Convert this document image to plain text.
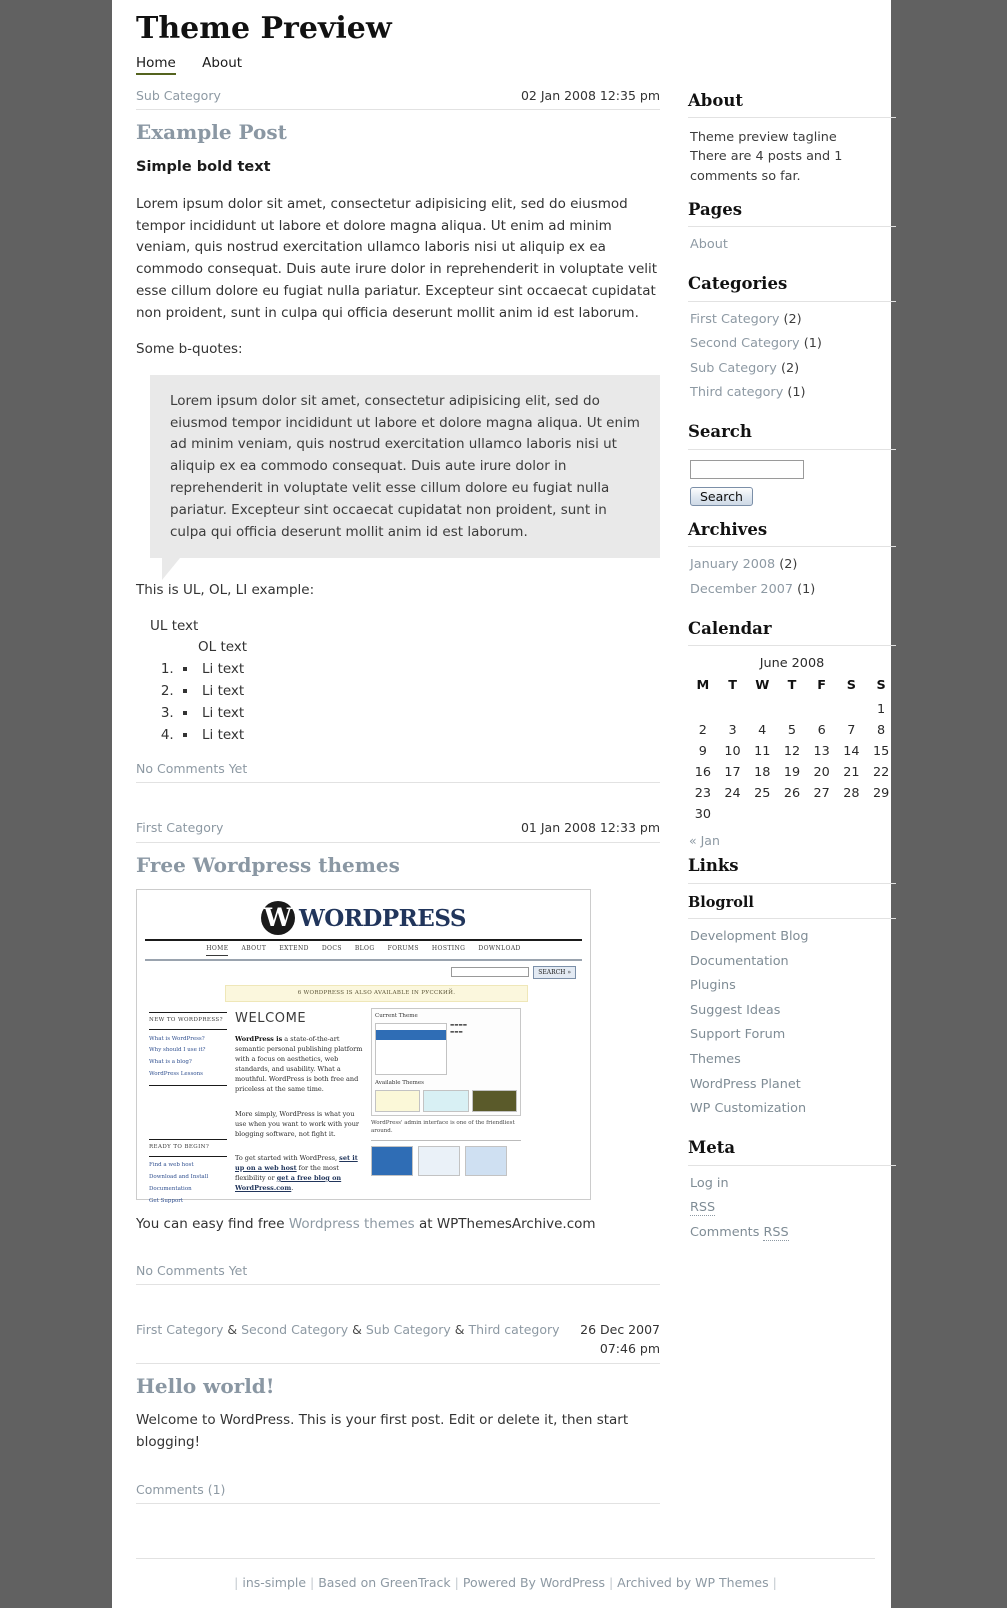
Theme Preview
Home About
Sub Category	02 Jan 2008 12:35 pm
Example Post
Simple bold text

Lorem ipsum dolor sit amet, consectetur adipisicing elit, sed do eiusmod tempor incididunt ut labore et dolore magna aliqua. Ut enim ad minim veniam, quis nostrud exercitation ullamco laboris nisi ut aliquip ex ea commodo consequat. Duis aute irure dolor in reprehenderit in voluptate velit esse cillum dolore eu fugiat nulla pariatur. Excepteur sint occaecat cupidatat non proident, sunt in culpa qui officia deserunt mollit anim id est laborum.

Some b-quotes:

Lorem ipsum dolor sit amet, consectetur adipisicing elit, sed do eiusmod tempor incididunt ut labore et dolore magna aliqua. Ut enim ad minim veniam, quis nostrud exercitation ullamco laboris nisi ut aliquip ex ea commodo consequat. Duis aute irure dolor in reprehenderit in voluptate velit esse cillum dolore eu fugiat nulla pariatur. Excepteur sint occaecat cupidatat non proident, sunt in culpa qui officia deserunt mollit anim id est laborum.

This is UL, OL, LI example:

UL text
OL text
▪ 1. Li text
▪ 2. Li text
▪ 3. Li text
▪ 4. Li text
No Comments Yet
First Category	01 Jan 2008 12:33 pm
Free Wordpress themes
W WORDPRESS
HOME ABOUT EXTEND DOCS BLOG FORUMS HOSTING DOWNLOAD
SEARCH »
6 WORDPRESS IS ALSO AVAILABLE IN РУССКИЙ.
NEW TO WORDPRESS?
What is WordPress?
Why should I use it?
What is a blog?
WordPress Lessons
READY TO BEGIN?
Find a web host
Download and Install
Documentation
Get Support
WELCOME

WordPress is a state-of-the-art semantic personal publishing platform with a focus on aesthetics, web standards, and usability. What a mouthful. WordPress is both free and priceless at the same time.

More simply, WordPress is what you use when you want to work with your blogging software, not fight it.

To get started with WordPress, set it up on a web host for the most flexibility or get a free blog on WordPress.com.

Current Theme
▬▬▬▬
▬▬▬
Available Themes
WordPress' admin interface is one of the friendliest around.

You can easy find free Wordpress themes at WPThemesArchive.com

No Comments Yet
First Category & Second Category & Sub Category & Third category 26 Dec 2007
07:46 pm
Hello world!

Welcome to WordPress. This is your first post. Edit or delete it, then start blogging!

Comments (1)
About
Theme preview tagline
There are 4 posts and 1 comments so far.
Pages
About
Categories
First Category (2)
Second Category (1)
Sub Category (2)
Third category (1)
Search
Search
Archives
January 2008 (2)
December 2007 (1)
Calendar
June 2008
M	T	W	T	F	S	S
						1
2	3	4	5	6	7	8
9	10	11	12	13	14	15
16	17	18	19	20	21	22
23	24	25	26	27	28	29
30						
« Jan
Links
Blogroll
Development Blog
Documentation
Plugins
Suggest Ideas
Support Forum
Themes
WordPress Planet
WP Customization
Meta
Log in
RSS
Comments RSS
| ins-simple | Based on GreenTrack | Powered By WordPress | Archived by WP Themes |
